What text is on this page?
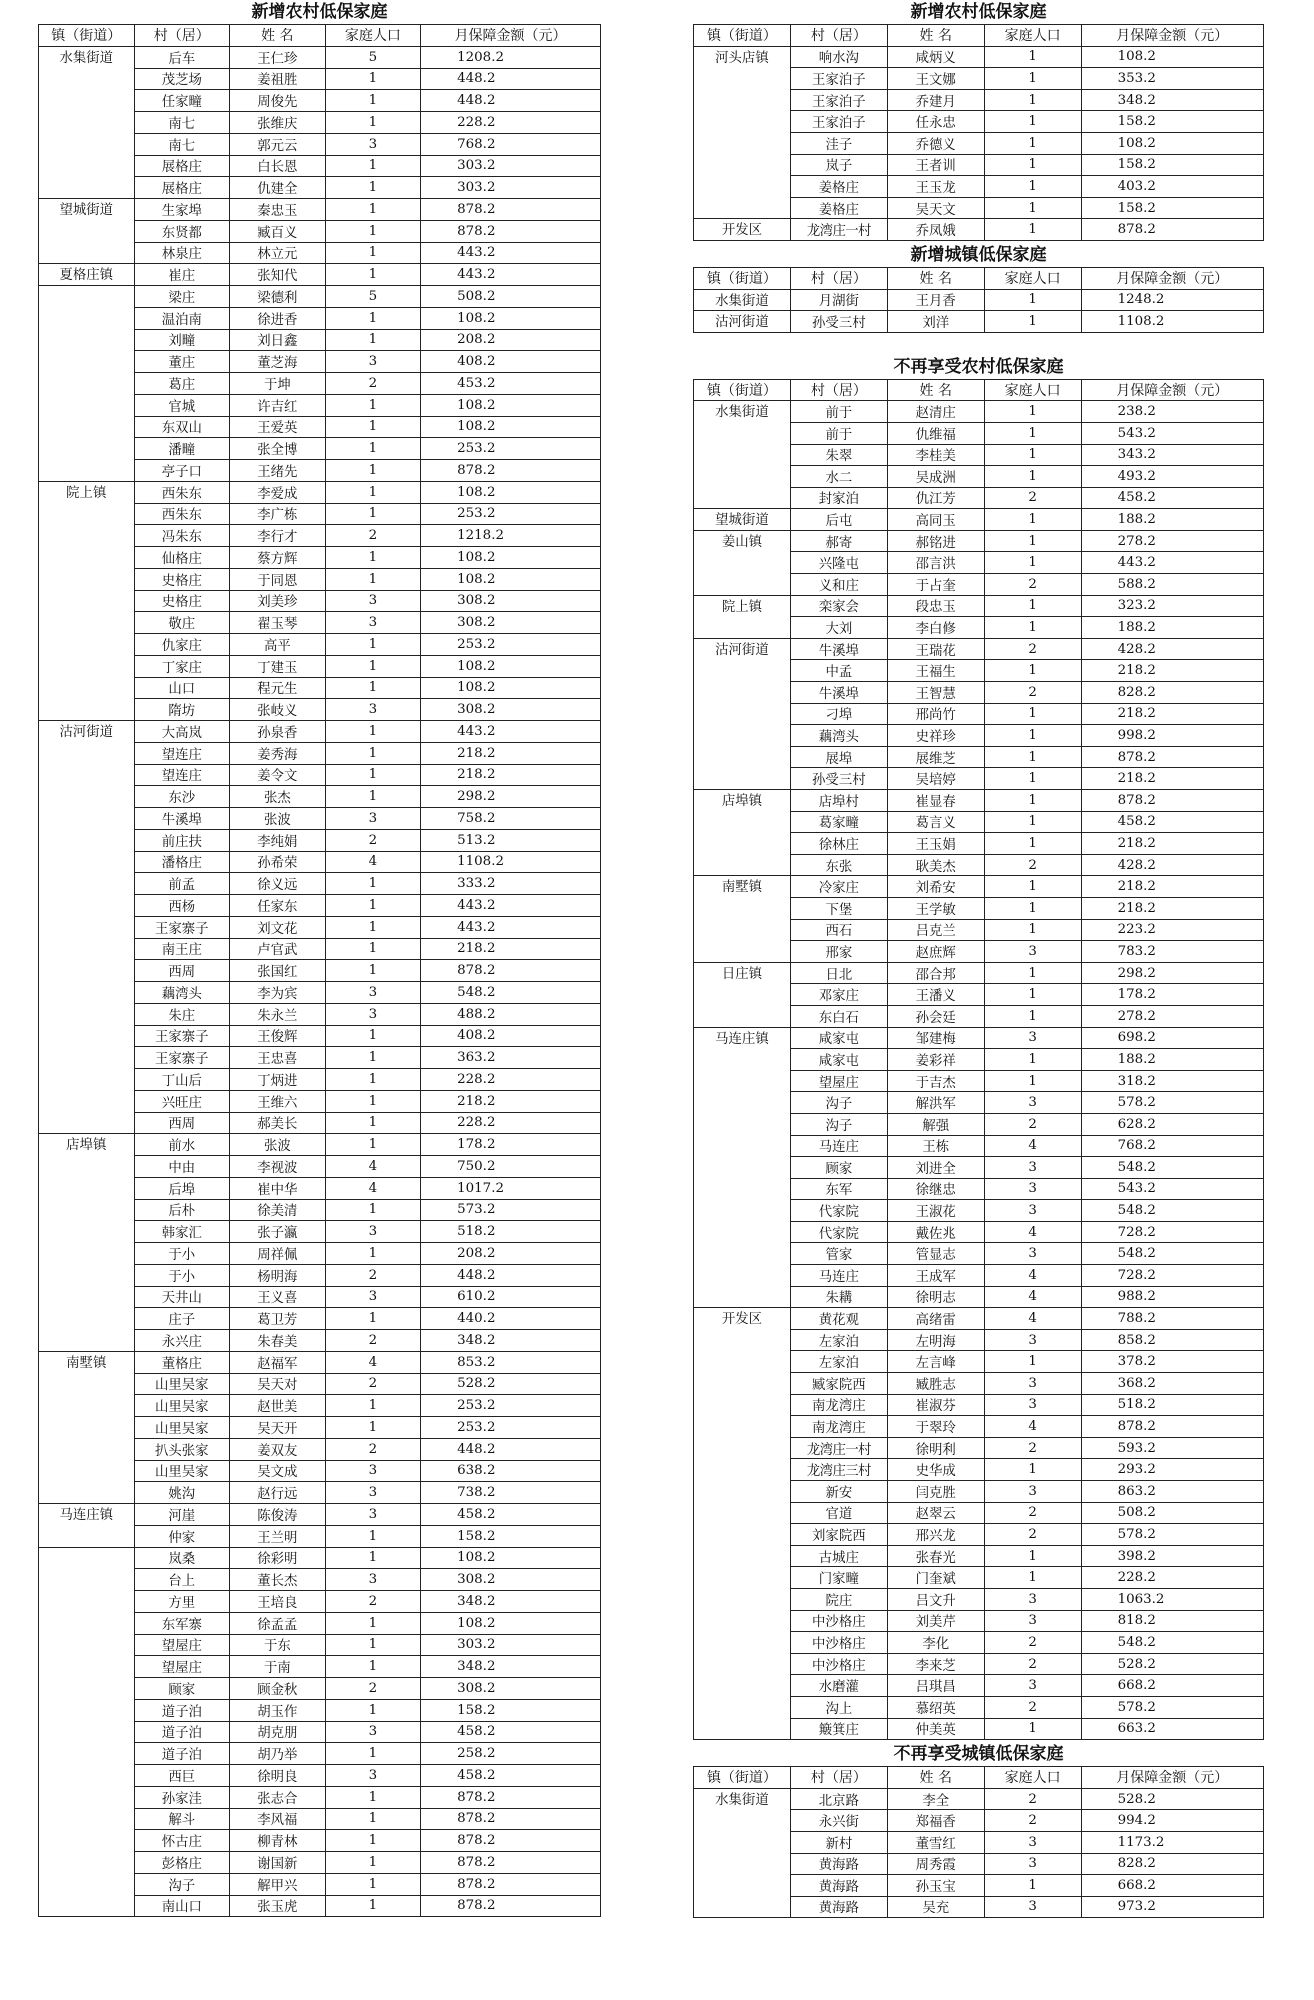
新增农村低保家庭
镇（街道）	村（居）	姓 名	家庭人口	月保障金额（元）
水集街道	后车	王仁珍	5	1208.2
	茂芝场	姜祖胜	1	448.2
	任家疃	周俊先	1	448.2
	南七	张维庆	1	228.2
	南七	郭元云	3	768.2
	展格庄	白长恩	1	303.2
	展格庄	仇建全	1	303.2
望城街道	生家埠	秦忠玉	1	878.2
	东贤都	臧百义	1	878.2
	林泉庄	林立元	1	443.2
夏格庄镇	崔庄	张知代	1	443.2
	梁庄	梁德利	5	508.2
	温泊南	徐进香	1	108.2
	刘疃	刘日鑫	1	208.2
	董庄	董芝海	3	408.2
	葛庄	于坤	2	453.2
	官城	许吉红	1	108.2
	东双山	王爱英	1	108.2
	潘疃	张全博	1	253.2
	亭子口	王绪先	1	878.2
院上镇	西朱东	李爱成	1	108.2
	西朱东	李广栋	1	253.2
	冯朱东	李行才	2	1218.2
	仙格庄	蔡方辉	1	108.2
	史格庄	于同恩	1	108.2
	史格庄	刘美珍	3	308.2
	敬庄	翟玉琴	3	308.2
	仇家庄	高平	1	253.2
	丁家庄	丁建玉	1	108.2
	山口	程元生	1	108.2
	隋坊	张岐义	3	308.2
沽河街道	大高岚	孙泉香	1	443.2
	望连庄	姜秀海	1	218.2
	望连庄	姜令文	1	218.2
	东沙	张杰	1	298.2
	牛溪埠	张波	3	758.2
	前庄扶	李纯娟	2	513.2
	潘格庄	孙希荣	4	1108.2
	前孟	徐义远	1	333.2
	西杨	任家东	1	443.2
	王家寨子	刘文花	1	443.2
	南王庄	卢官武	1	218.2
	西周	张国红	1	878.2
	藕湾头	李为宾	3	548.2
	朱庄	朱永兰	3	488.2
	王家寨子	王俊辉	1	408.2
	王家寨子	王忠喜	1	363.2
	丁山后	丁炳进	1	228.2
	兴旺庄	王维六	1	218.2
	西周	郝美长	1	228.2
店埠镇	前水	张波	1	178.2
	中由	李视波	4	750.2
	后埠	崔中华	4	1017.2
	后朴	徐美清	1	573.2
	韩家汇	张子瀛	3	518.2
	于小	周祥佩	1	208.2
	于小	杨明海	2	448.2
	天井山	王义喜	3	610.2
	庄子	葛卫芳	1	440.2
	永兴庄	朱春美	2	348.2
南墅镇	董格庄	赵福军	4	853.2
	山里吴家	吴天对	2	528.2
	山里吴家	赵世美	1	253.2
	山里吴家	吴天开	1	253.2
	扒头张家	姜双友	2	448.2
	山里吴家	吴文成	3	638.2
	姚沟	赵行远	3	738.2
马连庄镇	河崖	陈俊涛	3	458.2
	仲家	王兰明	1	158.2
	岚桑	徐彩明	1	108.2
	台上	董长杰	3	308.2
	方里	王培良	2	348.2
	东军寨	徐孟孟	1	108.2
	望屋庄	于东	1	303.2
	望屋庄	于南	1	348.2
	顾家	顾金秋	2	308.2
	道子泊	胡玉作	1	158.2
	道子泊	胡克朋	3	458.2
	道子泊	胡乃举	1	258.2
	西巨	徐明良	3	458.2
	孙家洼	张志合	1	878.2
	解斗	李风福	1	878.2
	怀古庄	柳青林	1	878.2
	彭格庄	谢国新	1	878.2
	沟子	解甲兴	1	878.2
	南山口	张玉虎	1	878.2
新增农村低保家庭
镇（街道）	村（居）	姓 名	家庭人口	月保障金额（元）
河头店镇	响水沟	咸炳义	1	108.2
	王家泊子	王文娜	1	353.2
	王家泊子	乔建月	1	348.2
	王家泊子	任永忠	1	158.2
	洼子	乔德义	1	108.2
	岚子	王者训	1	158.2
	姜格庄	王玉龙	1	403.2
	姜格庄	吴天文	1	158.2
开发区	龙湾庄一村	乔凤娥	1	878.2
新增城镇低保家庭
镇（街道）	村（居）	姓 名	家庭人口	月保障金额（元）
水集街道	月湖街	王月香	1	1248.2
沽河街道	孙受三村	刘洋	1	1108.2
不再享受农村低保家庭
镇（街道）	村（居）	姓 名	家庭人口	月保障金额（元）
水集街道	前于	赵清庄	1	238.2
	前于	仇维福	1	543.2
	朱翠	李桂美	1	343.2
	水二	吴成洲	1	493.2
	封家泊	仇江芳	2	458.2
望城街道	后屯	高同玉	1	188.2
姜山镇	郝寄	郝铭进	1	278.2
	兴隆屯	邵言洪	1	443.2
	义和庄	于占奎	2	588.2
院上镇	栾家会	段忠玉	1	323.2
	大刘	李白修	1	188.2
沽河街道	牛溪埠	王瑞花	2	428.2
	中孟	王福生	1	218.2
	牛溪埠	王智慧	2	828.2
	刁埠	邢尚竹	1	218.2
	藕湾头	史祥珍	1	998.2
	展埠	展维芝	1	878.2
	孙受三村	吴培婷	1	218.2
店埠镇	店埠村	崔显春	1	878.2
	葛家疃	葛言义	1	458.2
	徐林庄	王玉娟	1	218.2
	东张	耿美杰	2	428.2
南墅镇	冷家庄	刘希安	1	218.2
	下堡	王学敏	1	218.2
	西石	吕克兰	1	223.2
	邢家	赵庶辉	3	783.2
日庄镇	日北	邵合邦	1	298.2
	邓家庄	王潘义	1	178.2
	东白石	孙会廷	1	278.2
马连庄镇	咸家屯	邹建梅	3	698.2
	咸家屯	姜彩祥	1	188.2
	望屋庄	于吉杰	1	318.2
	沟子	解洪军	3	578.2
	沟子	解强	2	628.2
	马连庄	王栋	4	768.2
	顾家	刘进全	3	548.2
	东军	徐继忠	3	543.2
	代家院	王淑花	3	548.2
	代家院	戴佐兆	4	728.2
	管家	管显志	3	548.2
	马连庄	王成军	4	728.2
	朱耩	徐明志	4	988.2
开发区	黄花观	高绪雷	4	788.2
	左家泊	左明海	3	858.2
	左家泊	左言峰	1	378.2
	臧家院西	臧胜志	3	368.2
	南龙湾庄	崔淑芬	3	518.2
	南龙湾庄	于翠玲	4	878.2
	龙湾庄一村	徐明利	2	593.2
	龙湾庄三村	史华成	1	293.2
	新安	闫克胜	3	863.2
	官道	赵翠云	2	508.2
	刘家院西	邢兴龙	2	578.2
	古城庄	张春光	1	398.2
	门家疃	门奎斌	1	228.2
	院庄	吕文升	3	1063.2
	中沙格庄	刘美芹	3	818.2
	中沙格庄	李化	2	548.2
	中沙格庄	李来芝	2	528.2
	水磨灌	吕琪昌	3	668.2
	沟上	慕绍英	2	578.2
	簸箕庄	仲美英	1	663.2
不再享受城镇低保家庭
镇（街道）	村（居）	姓 名	家庭人口	月保障金额（元）
水集街道	北京路	李全	2	528.2
	永兴街	郑福香	2	994.2
	新村	董雪红	3	1173.2
	黄海路	周秀霞	3	828.2
	黄海路	孙玉宝	1	668.2
	黄海路	吴充	3	973.2
